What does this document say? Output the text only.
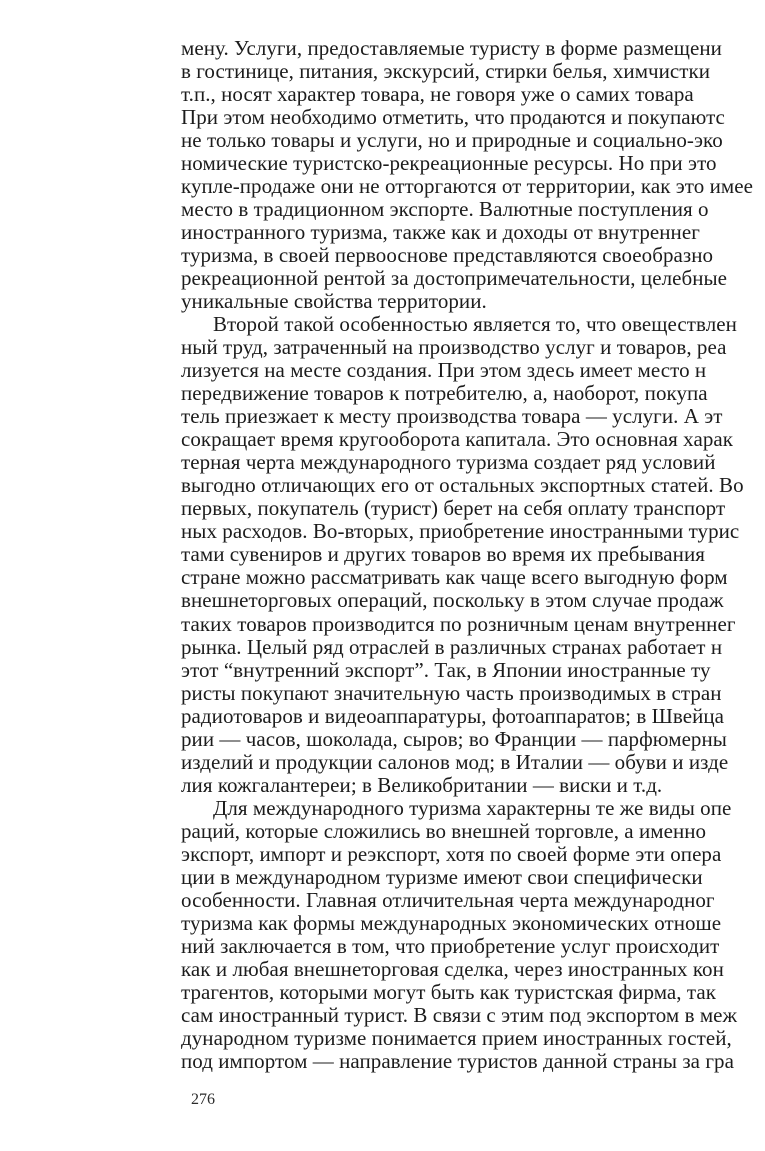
мену. Услуги, предоставляемые туристу в форме размещени
в гостинице, питания, экскурсий, стирки белья, химчистки
т.п., носят характер товара, не говоря уже о самих товара
При этом необходимо отметить, что продаются и покупаютс
не только товары и услуги, но и природные и социально-эко
номические туристско-рекреационные ресурсы. Но при это
купле-продаже они не отторгаются от территории, как это имее
место в традиционном экспорте. Валютные поступления о
иностранного туризма, также как и доходы от внутреннег
туризма, в своей первооснове представляются своеобразно
рекреационной рентой за достопримечательности, целебные
уникальные свойства территории.
Второй такой особенностью является то, что овеществлен
ный труд, затраченный на производство услуг и товаров, реа
лизуется на месте создания. При этом здесь имеет место н
передвижение товаров к потребителю, а, наоборот, покупа
тель приезжает к месту производства товара — услуги. А эт
сокращает время кругооборота капитала. Это основная харак
терная черта международного туризма создает ряд условий
выгодно отличающих его от остальных экспортных статей. Во
первых, покупатель (турист) берет на себя оплату транспорт
ных расходов. Во-вторых, приобретение иностранными турис
тами сувениров и других товаров во время их пребывания
стране можно рассматривать как чаще всего выгодную форм
внешнеторговых операций, поскольку в этом случае продаж
таких товаров производится по розничным ценам внутреннег
рынка. Целый ряд отраслей в различных странах работает н
этот “внутренний экспорт”. Так, в Японии иностранные ту
ристы покупают значительную часть производимых в стран
радиотоваров и видеоаппаратуры, фотоаппаратов; в Швейца
рии — часов, шоколада, сыров; во Франции — парфюмерны
изделий и продукции салонов мод; в Италии — обуви и изде
лия кожгалантереи; в Великобритании — виски и т.д.
Для международного туризма характерны те же виды опе
раций, которые сложились во внешней торговле, а именно
экспорт, импорт и реэкспорт, хотя по своей форме эти опера
ции в международном туризме имеют свои специфически
особенности. Главная отличительная черта международног
туризма как формы международных экономических отноше
ний заключается в том, что приобретение услуг происходит
как и любая внешнеторговая сделка, через иностранных кон
трагентов, которыми могут быть как туристская фирма, так
сам иностранный турист. В связи с этим под экспортом в меж
дународном туризме понимается прием иностранных гостей,
под импортом — направление туристов данной страны за гра
276
